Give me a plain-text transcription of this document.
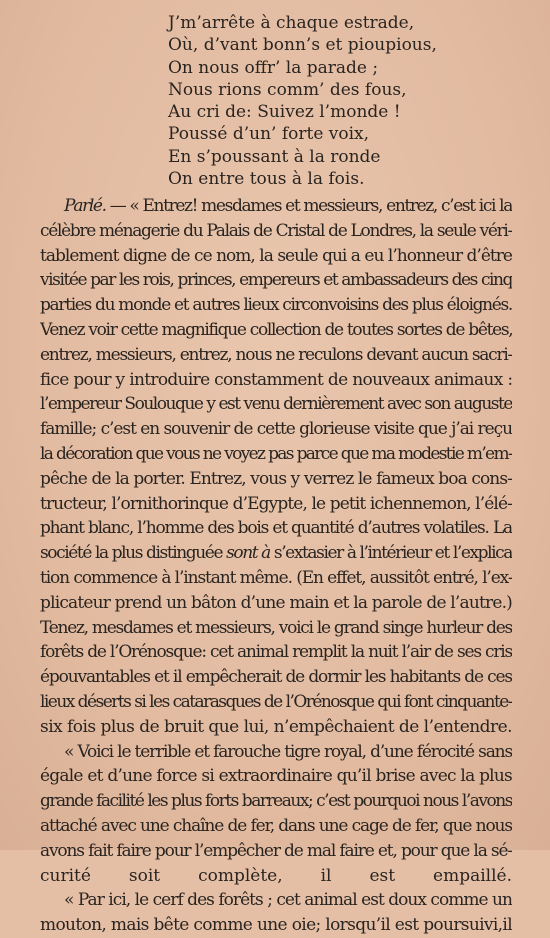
J’m’arrête à chaque estrade,
Où, d’vant bonn’s et pioupious,
On nous offr’ la parade ;
Nous rions comm’ des fous,
Au cri de: Suivez l’monde !
Poussé d’un’ forte voix,
En s’poussant à la ronde
On entre tous à la fois.

Parlé. — « Entrez! mesdames et messieurs, entrez, c’est ici la
célèbre ménagerie du Palais de Cristal de Londres, la seule véri-
tablement digne de ce nom, la seule qui a eu l’honneur d’être
visitée par les rois, princes, empereurs et ambassadeurs des cinq
parties du monde et autres lieux circonvoisins des plus éloignés.
Venez voir cette magnifique collection de toutes sortes de bêtes,
entrez, messieurs, entrez, nous ne reculons devant aucun sacri-
fice pour y introduire constamment de nouveaux animaux :
l’empereur Soulouque y est venu dernièrement avec son auguste
famille; c’est en souvenir de cette glorieuse visite que j’ai reçu
la décoration que vous ne voyez pas parce que ma modestie m’em-
pêche de la porter. Entrez, vous y verrez le fameux boa cons-
tructeur, l’ornithorinque d’Egypte, le petit ichennemon, l’élé-
phant blanc, l’homme des bois et quantité d’autres volatiles. La
société la plus distinguée sont à s’extasier à l’intérieur et l’explica
tion commence à l’instant même. (En effet, aussitôt entré, l’ex-
plicateur prend un bâton d’une main et la parole de l’autre.)
Tenez, mesdames et messieurs, voici le grand singe hurleur des
forêts de l’Orénosque: cet animal remplit la nuit l’air de ses cris
épouvantables et il empêcherait de dormir les habitants de ces
lieux déserts si les catarasques de l’Orénosque qui font cinquante-
six fois plus de bruit que lui, n’empêchaient de l’entendre.

« Voici le terrible et farouche tigre royal, d’une férocité sans
égale et d’une force si extraordinaire qu’il brise avec la plus
grande facilité les plus forts barreaux; c’est pourquoi nous l’avons
attaché avec une chaîne de fer, dans une cage de fer, que nous
avons fait faire pour l’empêcher de mal faire et, pour que la sé-
curité soit complète, il est empaillé.

« Par ici, le cerf des forêts ; cet animal est doux comme un
mouton, mais bête comme une oie; lorsqu’il est poursuivi,il
